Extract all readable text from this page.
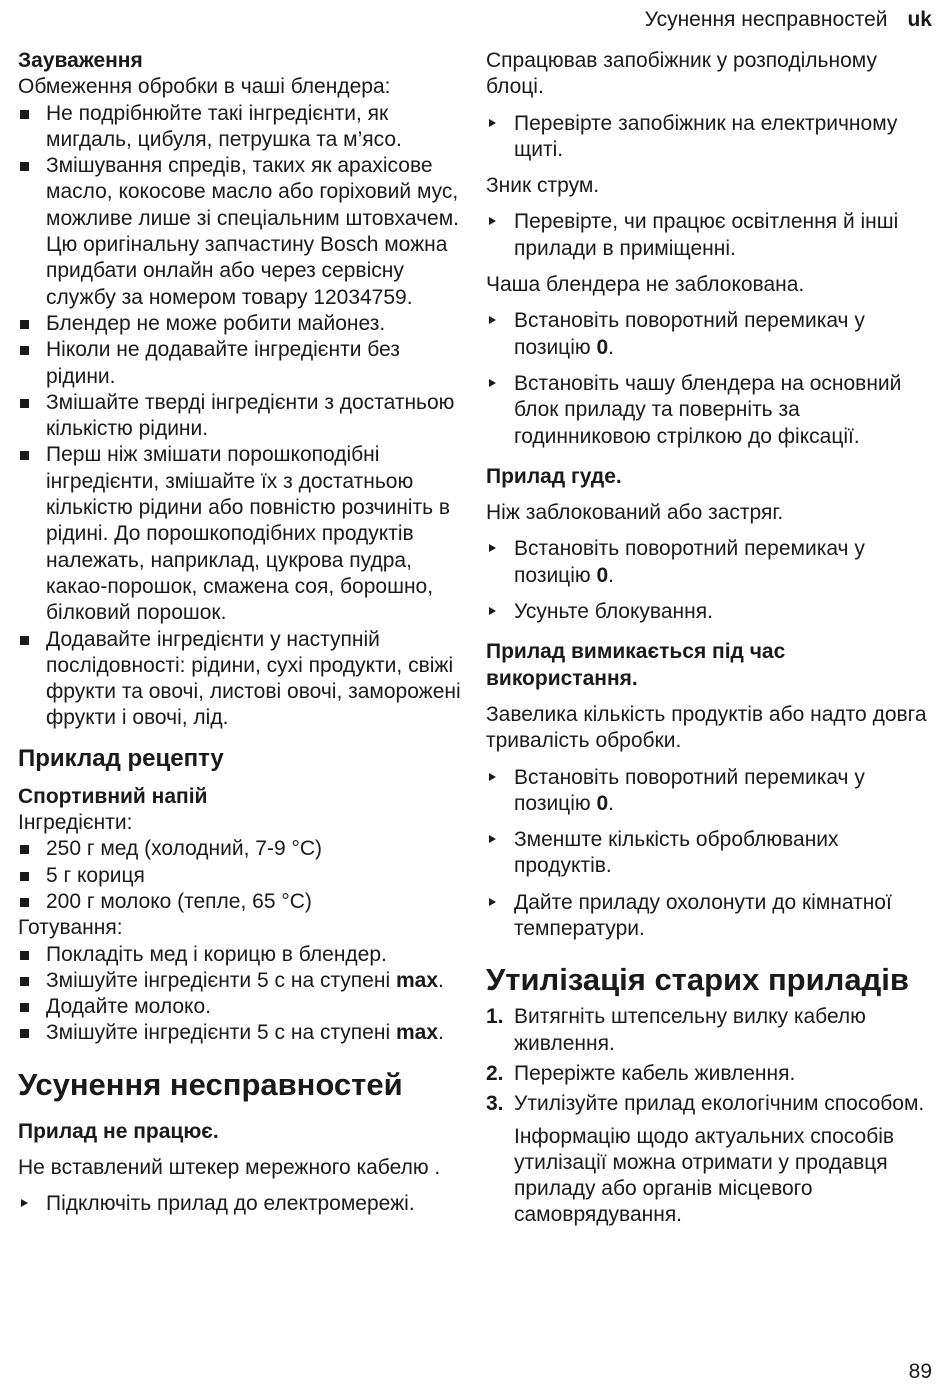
Усунення несправностей uk

Зауваження

Обмеження обробки в чаші блендера:

Не подрібнюйте такі інгредієнти, як мигдаль, цибуля, петрушка та м’ясо.
Змішування спредів, таких як арахісове масло, кокосове масло або горіховий мус, можливе лише зі спеціальним штовхачем. Цю оригінальну запчастину Bosch можна придбати онлайн або через сервісну службу за номером товару 12034759.
Блендер не може робити майонез.
Ніколи не додавайте інгредієнти без рідини.
Змішайте тверді інгредієнти з достатньою кількістю рідини.
Перш ніж змішати порошкоподібні інгредієнти, змішайте їх з достатньою кількістю рідини або повністю розчиніть в рідині. До порошкоподібних продуктів належать, наприклад, цукрова пудра, какао-порошок, смажена соя, борошно, білковий порошок.
Додавайте інгредієнти у наступній послідовності: рідини, сухі продукти, свіжі фрукти та овочі, листові овочі, заморожені фрукти і овочі, лід.
Приклад рецепту

Спортивний напій

Інгредієнти:

250 г мед (холодний, 7-9 °C)
5 г кориця
200 г молоко (тепле, 65 °C)

Готування:

Покладіть мед і корицю в блендер.
Змішуйте інгредієнти 5 с на ступені max.
Додайте молоко.
Змішуйте інгредієнти 5 с на ступені max.
Усунення несправностей

Прилад не працює.

Не вставлений штекер мережного кабелю .

Підключіть прилад до електромережі.

Спрацював запобіжник у розподільному блоці.

Перевірте запобіжник на електричному щиті.

Зник струм.

Перевірте, чи працює освітлення й інші прилади в приміщенні.

Чаша блендера не заблокована.

Встановіть поворотний перемикач у позицію 0.
Встановіть чашу блендера на основний блок приладу та поверніть за годинниковою стрілкою до фіксації.

Прилад гуде.

Ніж заблокований або застряг.

Встановіть поворотний перемикач у позицію 0.
Усуньте блокування.

Прилад вимикається під час використання.

Завелика кількість продуктів або надто довга тривалість обробки.

Встановіть поворотний перемикач у позицію 0.
Зменште кількість оброблюваних продуктів.
Дайте приладу охолонути до кімнатної температури.
Утилізація старих приладів
1. Витягніть штепсельну вилку кабелю живлення.
2. Переріжте кабель живлення.
3. Утилізуйте прилад екологічним способом.

Інформацію щодо актуальних способів утилізації можна отримати у продавця приладу або органів місцевого самоврядування.

89
